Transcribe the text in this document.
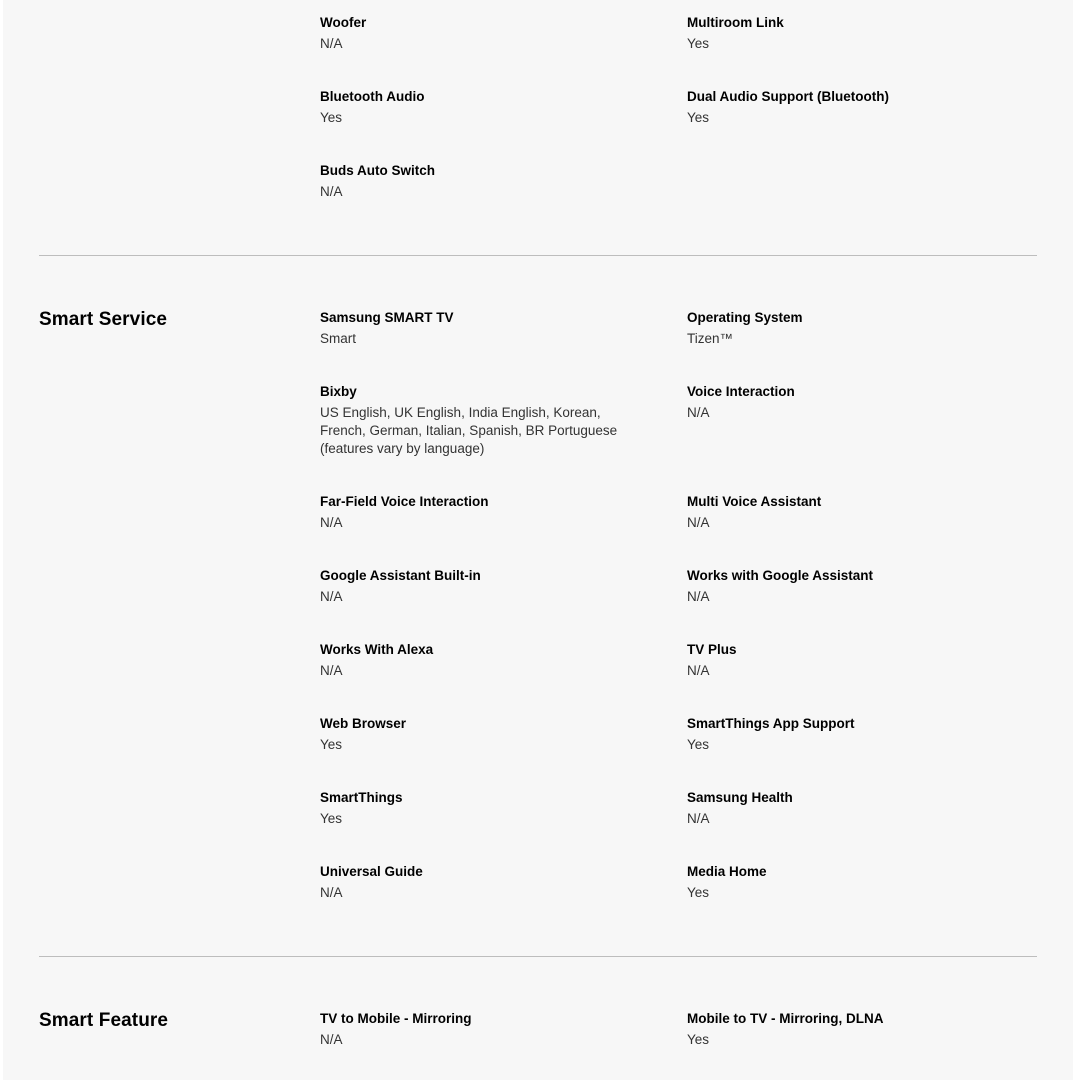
Woofer
N/A
Multiroom Link
Yes
Bluetooth Audio
Yes
Dual Audio Support (Bluetooth)
Yes
Buds Auto Switch
N/A
Smart Service	Samsung SMART TV
Smart
Operating System
Tizen™
Bixby
US English, UK English, India English, Korean, French, German, Italian, Spanish, BR Portuguese (features vary by language)
Voice Interaction
N/A
Far-Field Voice Interaction
N/A
Multi Voice Assistant
N/A
Google Assistant Built-in
N/A
Works with Google Assistant
N/A
Works With Alexa
N/A
TV Plus
N/A
Web Browser
Yes
SmartThings App Support
Yes
SmartThings
Yes
Samsung Health
N/A
Universal Guide
N/A
Media Home
Yes
Smart Feature	TV to Mobile - Mirroring
N/A
Mobile to TV - Mirroring, DLNA
Yes
